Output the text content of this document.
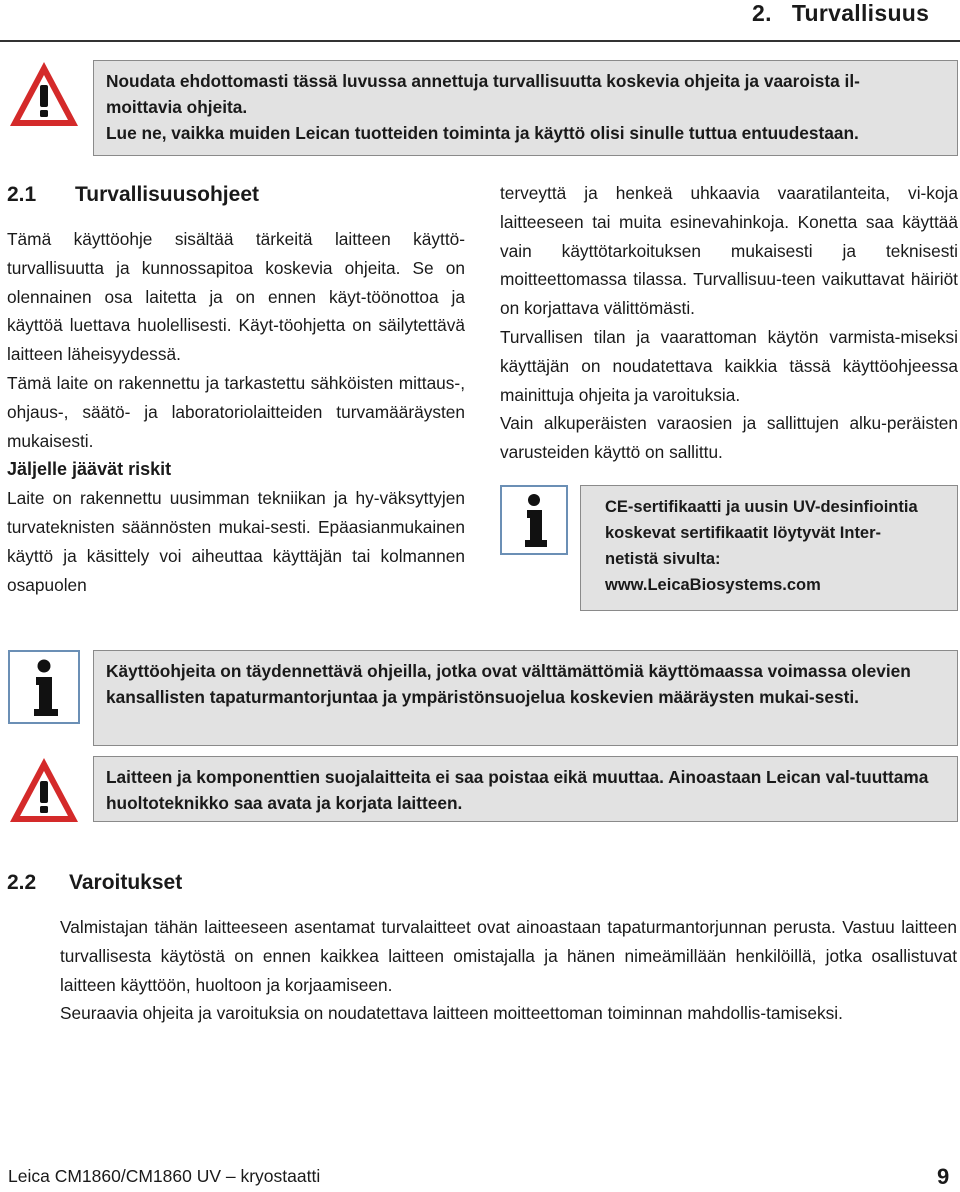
2. Turvallisuus
Noudata ehdottomasti tässä luvussa annettuja turvallisuutta koskevia ohjeita ja vaaroista il-
moittavia ohjeita.
Lue ne, vaikka muiden Leican tuotteiden toiminta ja käyttö olisi sinulle tuttua entuudestaan.
2.1 Turvallisuusohjeet

Tämä käyttöohje sisältää tärkeitä laitteen käyttö-turvallisuutta ja kunnossapitoa koskevia ohjeita. Se on olennainen osa laitetta ja on ennen käyt-töönottoa ja käyttöä luettava huolellisesti. Käyt-töohjetta on säilytettävä laitteen läheisyydessä.

Tämä laite on rakennettu ja tarkastettu sähköisten mittaus-, ohjaus-, säätö- ja laboratoriolaitteiden turvamääräysten mukaisesti.

Jäljelle jäävät riskit

Laite on rakennettu uusimman tekniikan ja hy-väksyttyjen turvateknisten säännösten mukai-sesti. Epäasianmukainen käyttö ja käsittely voi aiheuttaa käyttäjän tai kolmannen osapuolen

terveyttä ja henkeä uhkaavia vaaratilanteita, vi-koja laitteeseen tai muita esinevahinkoja. Konetta saa käyttää vain käyttötarkoituksen mukaisesti ja teknisesti moitteettomassa tilassa. Turvallisuu-teen vaikuttavat häiriöt on korjattava välittömästi.

Turvallisen tilan ja vaarattoman käytön varmista-miseksi käyttäjän on noudatettava kaikkia tässä käyttöohjeessa mainittuja ohjeita ja varoituksia.

Vain alkuperäisten varaosien ja sallittujen alku-peräisten varusteiden käyttö on sallittu.

CE-sertifikaatti ja uusin UV-desinfiointia
koskevat sertifikaatit löytyvät Inter-
netistä sivulta:
www.LeicaBiosystems.com
Käyttöohjeita on täydennettävä ohjeilla, jotka ovat välttämättömiä käyttömaassa voimassa olevien kansallisten tapaturmantorjuntaa ja ympäristönsuojelua koskevien määräysten mukai-sesti.
Laitteen ja komponenttien suojalaitteita ei saa poistaa eikä muuttaa. Ainoastaan Leican val-tuuttama huoltoteknikko saa avata ja korjata laitteen.
2.2 Varoitukset

Valmistajan tähän laitteeseen asentamat turvalaitteet ovat ainoastaan tapaturmantorjunnan perusta. Vastuu laitteen turvallisesta käytöstä on ennen kaikkea laitteen omistajalla ja hänen nimeämillään henkilöillä, jotka osallistuvat laitteen käyttöön, huoltoon ja korjaamiseen.

Seuraavia ohjeita ja varoituksia on noudatettava laitteen moitteettoman toiminnan mahdollis-tamiseksi.

Leica CM1860/CM1860 UV – kryostaatti	9
